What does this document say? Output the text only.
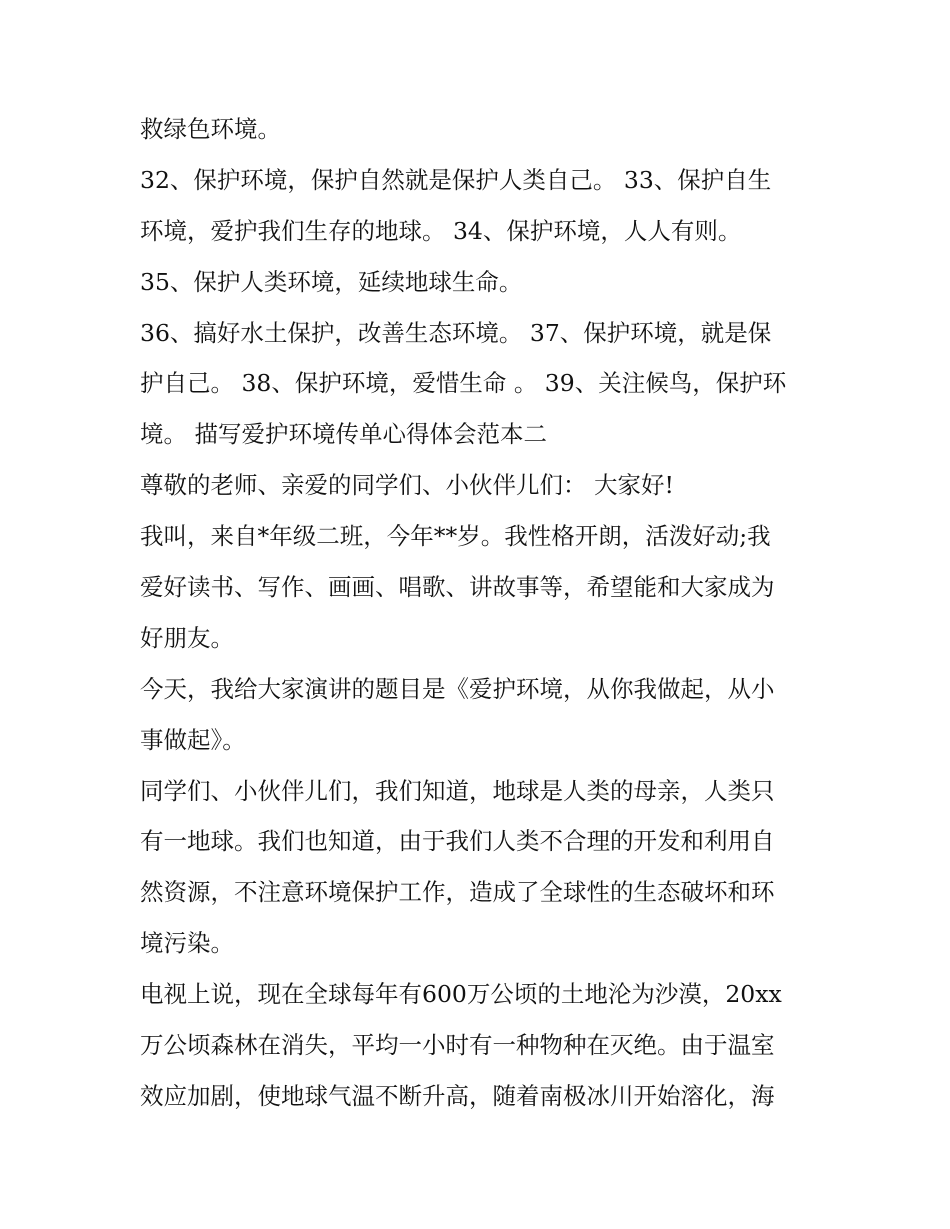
救绿色环境。
32、保护环境，保护自然就是保护人类自己。 33、保护自生
环境，爱护我们生存的地球。 34、保护环境，人人有则。
35、保护人类环境，延续地球生命。
36、搞好水土保护，改善生态环境。 37、保护环境，就是保
护自己。 38、保护环境，爱惜生命 。 39、关注候鸟，保护环
境。 描写爱护环境传单心得体会范本二
尊敬的老师、亲爱的同学们、小伙伴儿们： 大家好!
我叫，来自*年级二班，今年**岁。我性格开朗，活泼好动;我
爱好读书、写作、画画、唱歌、讲故事等，希望能和大家成为
好朋友。
今天，我给大家演讲的题目是《爱护环境，从你我做起，从小
事做起》。
同学们、小伙伴儿们，我们知道，地球是人类的母亲，人类只
有一地球。我们也知道，由于我们人类不合理的开发和利用自
然资源，不注意环境保护工作，造成了全球性的生态破坏和环
境污染。
电视上说，现在全球每年有600万公顷的土地沦为沙漠，20xx
万公顷森林在消失，平均一小时有一种物种在灭绝。由于温室
效应加剧，使地球气温不断升高，随着南极冰川开始溶化，海
